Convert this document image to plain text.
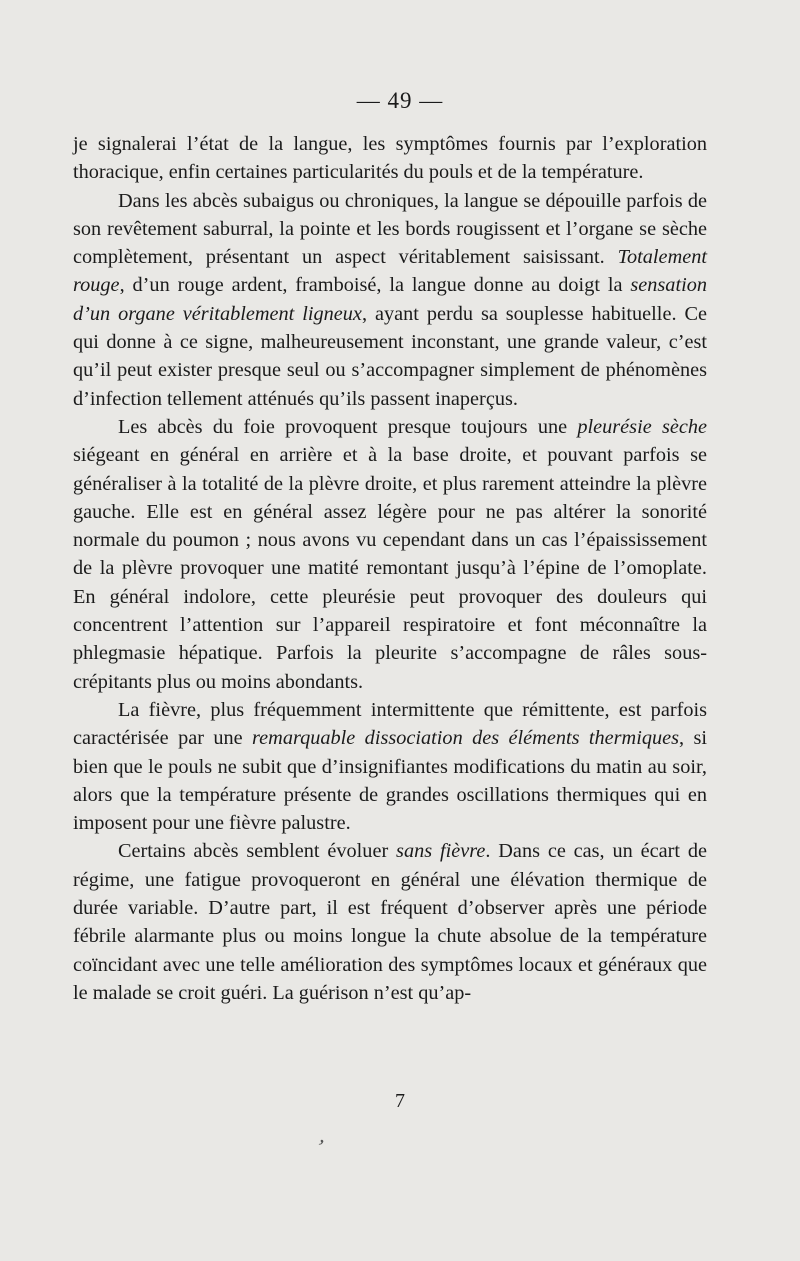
— 49 —

je signalerai l’état de la langue, les symptômes fournis par l’exploration thoracique, enfin certaines particularités du pouls et de la température.

Dans les abcès subaigus ou chroniques, la langue se dépouille parfois de son revêtement saburral, la pointe et les bords rougissent et l’organe se sèche complètement, présentant un aspect véritablement saisissant. Totalement rouge, d’un rouge ardent, framboisé, la langue donne au doigt la sensation d’un organe véritablement ligneux, ayant perdu sa souplesse habituelle. Ce qui donne à ce signe, malheureusement inconstant, une grande valeur, c’est qu’il peut exister presque seul ou s’accompagner simplement de phénomènes d’infection tellement atténués qu’ils passent inaperçus.

Les abcès du foie provoquent presque toujours une pleurésie sèche siégeant en général en arrière et à la base droite, et pouvant parfois se généraliser à la totalité de la plèvre droite, et plus rarement atteindre la plèvre gauche. Elle est en général assez légère pour ne pas altérer la sonorité normale du poumon ; nous avons vu cependant dans un cas l’épaississement de la plèvre provoquer une matité remontant jusqu’à l’épine de l’omoplate. En général indolore, cette pleurésie peut provoquer des douleurs qui concentrent l’attention sur l’appareil respiratoire et font méconnaître la phlegmasie hépatique. Parfois la pleurite s’accompagne de râles sous-crépitants plus ou moins abondants.

La fièvre, plus fréquemment intermittente que rémittente, est parfois caractérisée par une remarquable dissociation des éléments thermiques, si bien que le pouls ne subit que d’insignifiantes modifications du matin au soir, alors que la température présente de grandes oscillations thermiques qui en imposent pour une fièvre palustre.

Certains abcès semblent évoluer sans fièvre. Dans ce cas, un écart de régime, une fatigue provoqueront en général une élévation thermique de durée variable. D’autre part, il est fréquent d’observer après une période fébrile alarmante plus ou moins longue la chute absolue de la température coïncidant avec une telle amélioration des symptômes locaux et généraux que le malade se croit guéri. La guérison n’est qu’ap-

7
’
